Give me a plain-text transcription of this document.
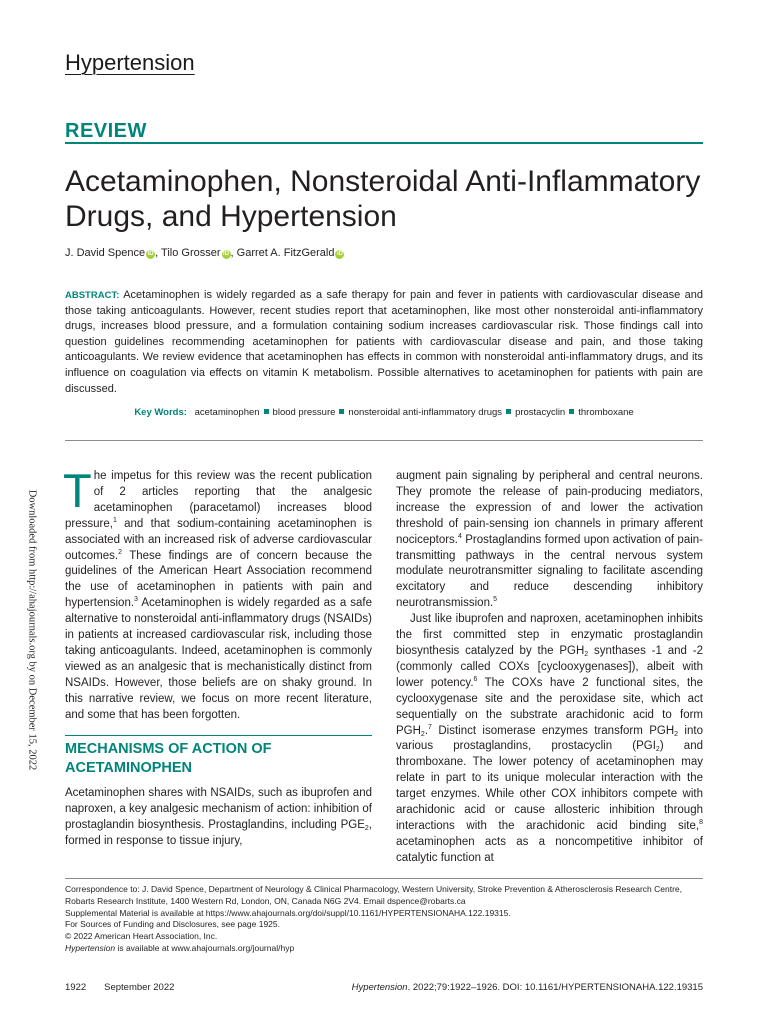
Hypertension
REVIEW
Acetaminophen, Nonsteroidal Anti-Inflammatory Drugs, and Hypertension
J. David Spence iD , Tilo Grosser iD , Garret A. FitzGerald iD
ABSTRACT: Acetaminophen is widely regarded as a safe therapy for pain and fever in patients with cardiovascular disease and those taking anticoagulants. However, recent studies report that acetaminophen, like most other nonsteroidal anti-inflammatory drugs, increases blood pressure, and a formulation containing sodium increases cardiovascular risk. Those findings call into question guidelines recommending acetaminophen for patients with cardiovascular disease and pain, and those taking anticoagulants. We review evidence that acetaminophen has effects in common with nonsteroidal anti-inflammatory drugs, and its influence on coagulation via effects on vitamin K metabolism. Possible alternatives to acetaminophen for patients with pain are discussed.
Key Words: acetaminophen blood pressure nonsteroidal anti-inflammatory drugs prostacyclin thromboxane
Downloaded from http://ahajournals.org by on December 15, 2022 The impetus for this review was the recent publication of 2 articles reporting that the analgesic acetaminophen (paracetamol) increases blood pressure,$^1$ and that sodium-containing acetaminophen is associated with an increased risk of adverse cardiovascular outcomes.$^2$ These findings are of concern because the guidelines of the American Heart Association recommend the use of acetaminophen in patients with pain and hypertension.$^3$ Acetaminophen is widely regarded as a safe alternative to nonsteroidal anti-inflammatory drugs (NSAIDs) in patients at increased cardiovascular risk, including those taking anticoagulants. Indeed, acetaminophen is commonly viewed as an analgesic that is mechanistically distinct from NSAIDs. However, those beliefs are on shaky ground. In this narrative review, we focus on more recent literature, and some that has been forgotten.

MECHANISMS OF ACTION OF ACETAMINOPHEN

Acetaminophen shares with NSAIDs, such as ibuprofen and naproxen, a key analgesic mechanism of action: inhibition of prostaglandin biosynthesis. Prostaglandins, including $PGE_2$, formed in response to tissue injury,

augment pain signaling by peripheral and central neurons. They promote the release of pain-producing mediators, increase the expression of and lower the activation threshold of pain-sensing ion channels in primary afferent nociceptors.$^4$ Prostaglandins formed upon activation of pain-transmitting pathways in the central nervous system modulate neurotransmitter signaling to facilitate ascending excitatory and reduce descending inhibitory neurotransmission.$^5$

Just like ibuprofen and naproxen, acetaminophen inhibits the first committed step in enzymatic prostaglandin biosynthesis catalyzed by the $PGH_2$ synthases -1 and -2 (commonly called COXs [cyclooxygenases]), albeit with lower potency.$^6$ The COXs have 2 functional sites, the cyclooxygenase site and the peroxidase site, which act sequentially on the substrate arachidonic acid to form $PGH_2.^7$ Distinct isomerase enzymes transform $PGH_2$ into various prostaglandins, prostacyclin $(PGI_2)$ and thromboxane. The lower potency of acetaminophen may relate in part to its unique molecular interaction with the target enzymes. While other COX inhibitors compete with arachidonic acid or cause allosteric inhibition through interactions with the arachidonic acid binding site,$^8$ acetaminophen acts as a noncompetitive inhibitor of catalytic function at

Correspondence to: J. David Spence, Department of Neurology & Clinical Pharmacology, Western University, Stroke Prevention & Atherosclerosis Research Centre,
Robarts Research Institute, 1400 Western Rd, London, ON, Canada N6G 2V4. Email dspence@robarts.ca
Supplemental Material is available at https://www.ahajournals.org/doi/suppl/10.1161/HYPERTENSIONAHA.122.19315.
For Sources of Funding and Disclosures, see page 1925.
© 2022 American Heart Association, Inc.
Hypertension is available at www.ahajournals.org/journal/hyp
1922 September 2022	Hypertension. 2022;79:1922–1926. DOI: 10.1161/HYPERTENSIONAHA.122.19315
